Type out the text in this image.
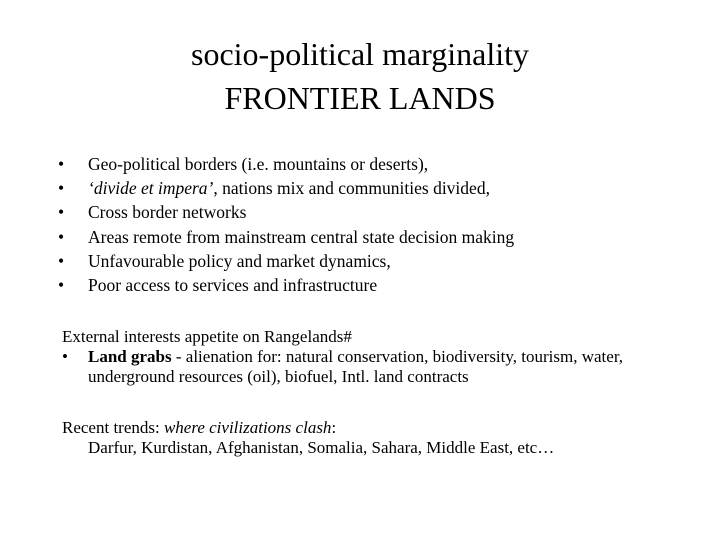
socio-political marginality
FRONTIER LANDS
• Geo-political borders (i.e. mountains or deserts),
• ‘divide et impera’, nations mix and communities divided,
• Cross border networks
• Areas remote from mainstream central state decision making
• Unfavourable policy and market dynamics,
• Poor access to services and infrastructure
External interests appetite on Rangelands#
• Land grabs - alienation for: natural conservation, biodiversity, tourism, water, underground resources (oil), biofuel, Intl. land contracts
Recent trends: where civilizations clash:
Darfur, Kurdistan, Afghanistan, Somalia, Sahara, Middle East, etc…
